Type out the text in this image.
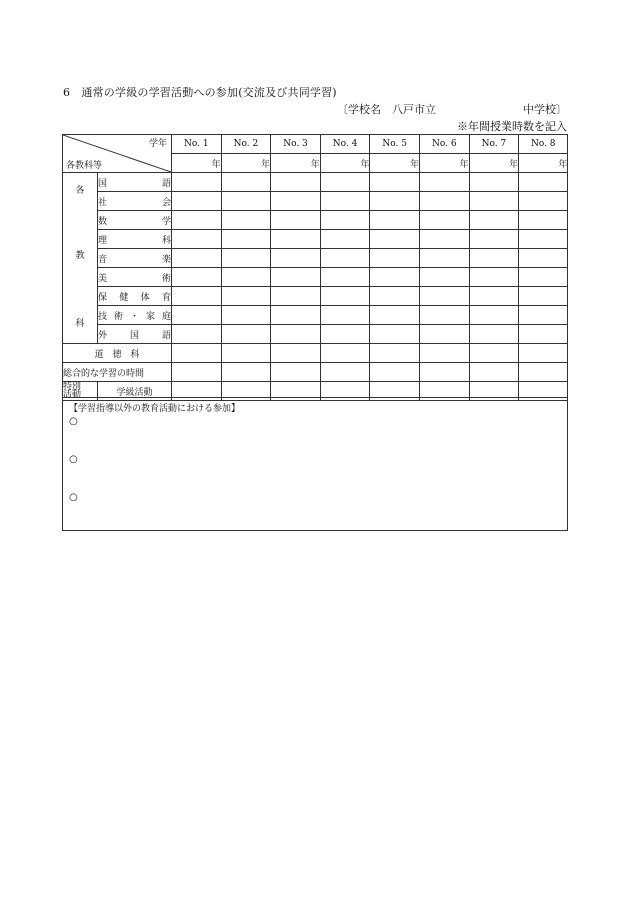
6　通常の学級の学習活動への参加(交流及び共同学習)
〔学校名　八戸市立	中学校〕
※年間授業時数を記入
学年
各教科等		No. 1	No. 2	No. 3	No. 4	No. 5	No. 6	No. 7	No. 8
		年	年	年	年	年	年	年	年

各
教
科	国 語								

	社 会								

	数 学								

	理 科								

	音 楽								

	美 術								

	保 健 体 育								

	技 術 ・ 家 庭								

	外 国 語								

道　徳　科									
総合的な学習の時間									
特別
活動	学級活動								
【学習指導以外の教育活動における参加】
○
○
○
